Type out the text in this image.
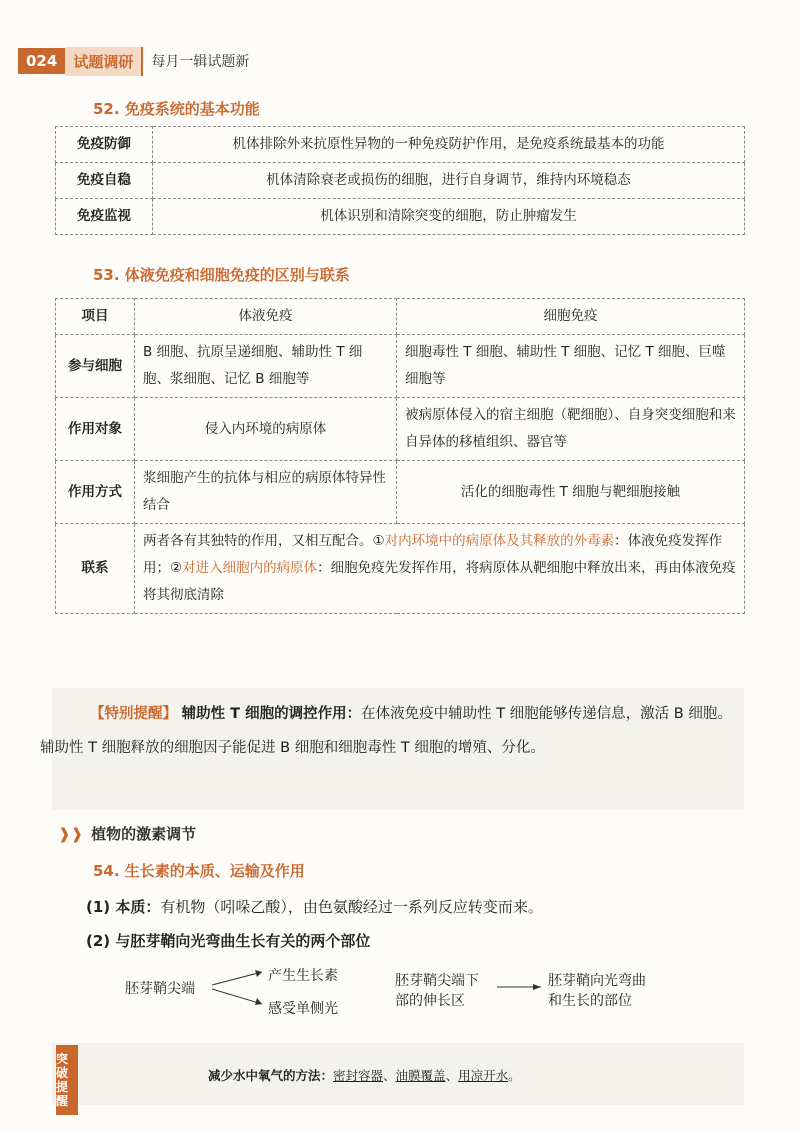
024	试题调研	每月一辑试题新
52. 免疫系统的基本功能
免疫防御	机体排除外来抗原性异物的一种免疫防护作用，是免疫系统最基本的功能
免疫自稳	机体清除衰老或损伤的细胞，进行自身调节，维持内环境稳态
免疫监视	机体识别和清除突变的细胞，防止肿瘤发生
53. 体液免疫和细胞免疫的区别与联系
项目	体液免疫	细胞免疫
参与细胞	B 细胞、抗原呈递细胞、辅助性 T 细胞、浆细胞、记忆 B 细胞等	细胞毒性 T 细胞、辅助性 T 细胞、记忆 T 细胞、巨噬细胞等
作用对象	侵入内环境的病原体	被病原体侵入的宿主细胞（靶细胞）、自身突变细胞和来自异体的移植组织、器官等
作用方式	浆细胞产生的抗体与相应的病原体特异性结合	活化的细胞毒性 T 细胞与靶细胞接触
联系	两者各有其独特的作用，又相互配合。①对内环境中的病原体及其释放的外毒素：体液免疫发挥作用；②对进入细胞内的病原体：细胞免疫先发挥作用，将病原体从靶细胞中释放出来，再由体液免疫将其彻底清除	
【特别提醒】 辅助性 T 细胞的调控作用：在体液免疫中辅助性 T 细胞能够传递信息，激活 B 细胞。辅助性 T 细胞释放的细胞因子能促进 B 细胞和细胞毒性 T 细胞的增殖、分化。
❱❱ 植物的激素调节
54. 生长素的本质、运输及作用
(1) 本质：有机物（吲哚乙酸），由色氨酸经过一系列反应转变而来。
(2) 与胚芽鞘向光弯曲生长有关的两个部位
胚芽鞘尖端
产生生长素
感受单侧光
胚芽鞘尖端下
部的伸长区
胚芽鞘向光弯曲
和生长的部位
突破提醒
减少水中氧气的方法：密封容器、油膜覆盖、用凉开水。
